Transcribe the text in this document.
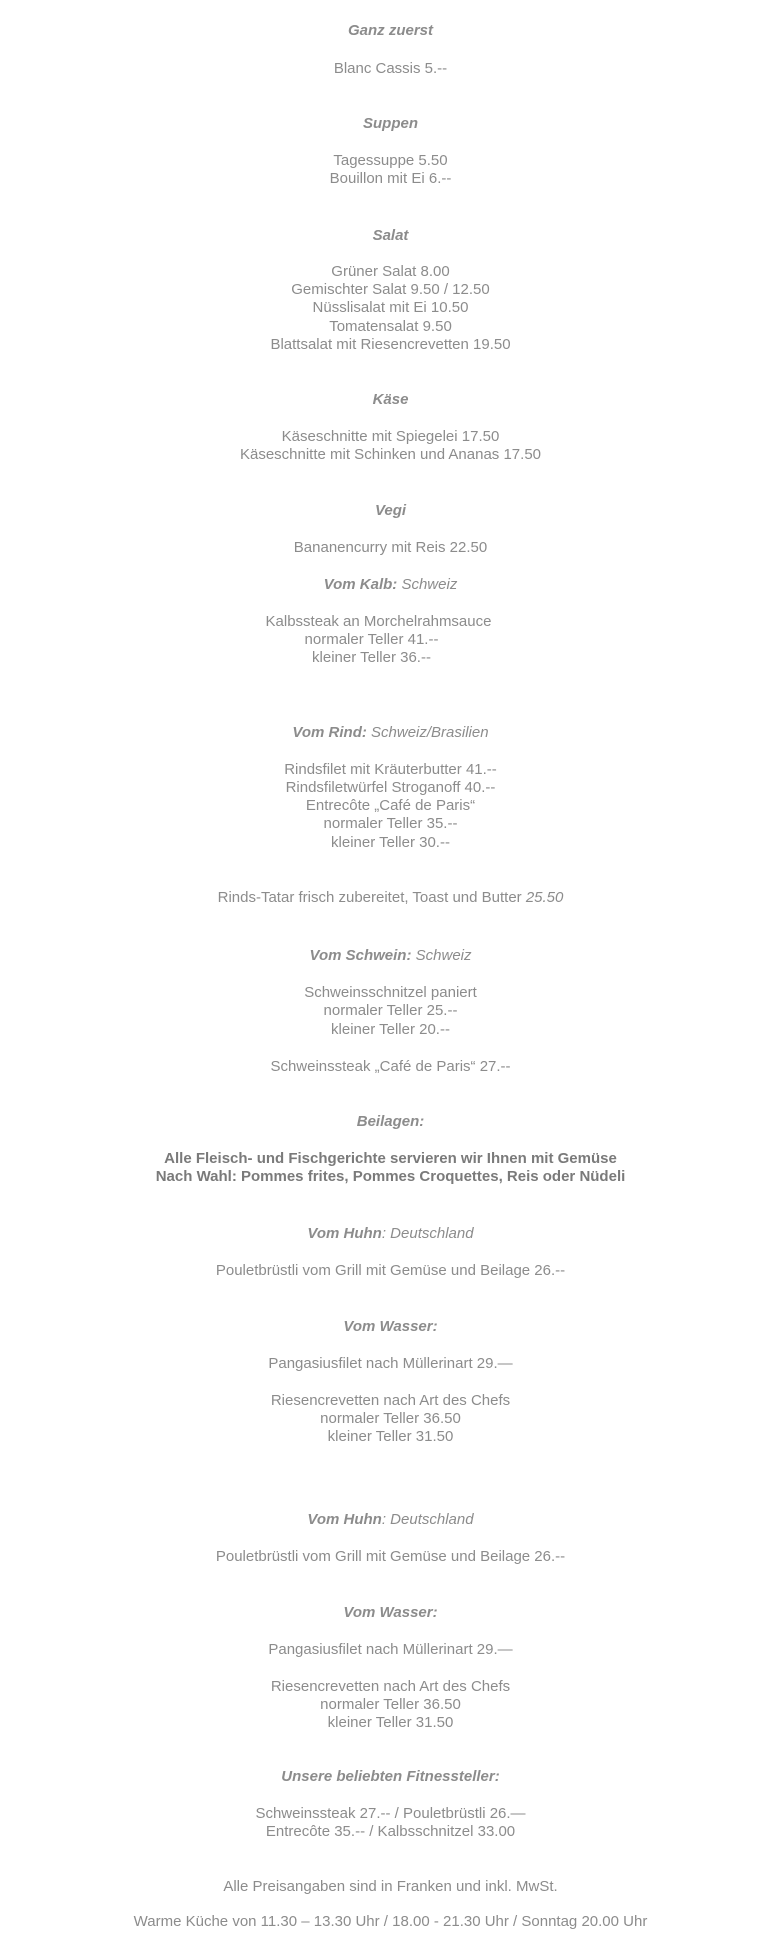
Ganz zuerst
Blanc Cassis 5.--
Suppen
Tagessuppe 5.50
Bouillon mit Ei 6.--
Salat
Grüner Salat 8.00
Gemischter Salat 9.50 / 12.50
Nüsslisalat mit Ei 10.50
Tomatensalat 9.50
Blattsalat mit Riesencrevetten 19.50
Käse
Käseschnitte mit Spiegelei 17.50
Käseschnitte mit Schinken und Ananas 17.50
Vegi
Bananencurry mit Reis 22.50
Vom Kalb: Schweiz
Kalbssteak an Morchelrahmsauce
normaler Teller 41.--
kleiner Teller 36.--
Vom Rind: Schweiz/Brasilien
Rindsfilet mit Kräuterbutter 41.--
Rindsfiletwürfel Stroganoff 40.--
Entrecôte „Café de Paris“
normaler Teller 35.--
kleiner Teller 30.--
Rinds-Tatar frisch zubereitet, Toast und Butter 25.50
Vom Schwein: Schweiz
Schweinsschnitzel paniert
normaler Teller 25.--
kleiner Teller 20.--
Schweinssteak „Café de Paris“ 27.--
Beilagen:
Alle Fleisch- und Fischgerichte servieren wir Ihnen mit Gemüse
Nach Wahl: Pommes frites, Pommes Croquettes, Reis oder Nüdeli
Vom Huhn: Deutschland
Pouletbrüstli vom Grill mit Gemüse und Beilage 26.--
Vom Wasser:
Pangasiusfilet nach Müllerinart 29.—
Riesencrevetten nach Art des Chefs
normaler Teller 36.50
kleiner Teller 31.50
Vom Huhn: Deutschland
Pouletbrüstli vom Grill mit Gemüse und Beilage 26.--
Vom Wasser:
Pangasiusfilet nach Müllerinart 29.—
Riesencrevetten nach Art des Chefs
normaler Teller 36.50
kleiner Teller 31.50
Unsere beliebten Fitnessteller:
Schweinssteak 27.-- / Pouletbrüstli 26.—
Entrecôte 35.-- / Kalbsschnitzel 33.00
Alle Preisangaben sind in Franken und inkl. MwSt.
Warme Küche von 11.30 – 13.30 Uhr / 18.00 - 21.30 Uhr / Sonntag 20.00 Uhr
